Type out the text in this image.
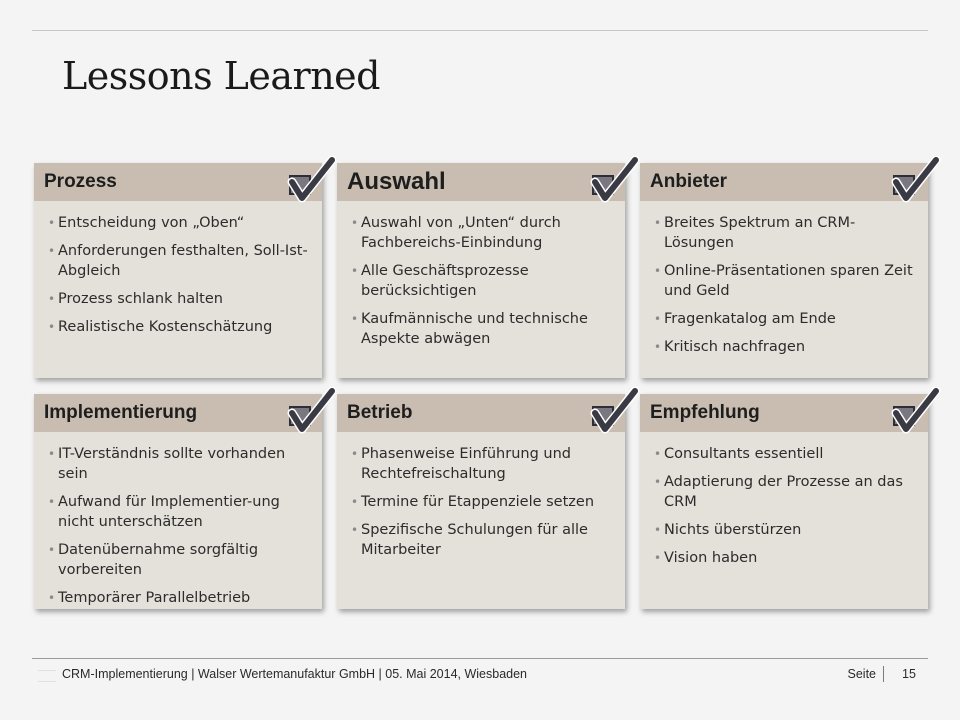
Lessons Learned
Prozess
• Entscheidung von „Oben“
• Anforderungen festhalten, Soll-Ist-Abgleich
• Prozess schlank halten
• Realistische Kostenschätzung
Auswahl
• Auswahl von „Unten“ durch Fachbereichs-Einbindung
• Alle Geschäftsprozesse berücksichtigen
• Kaufmännische und technische Aspekte abwägen
Anbieter
• Breites Spektrum an CRM-Lösungen
• Online-Präsentationen sparen Zeit und Geld
• Fragenkatalog am Ende
• Kritisch nachfragen
Implementierung
• IT-Verständnis sollte vorhanden sein
• Aufwand für Implementier-ung nicht unterschätzen
• Datenübernahme sorgfältig vorbereiten
• Temporärer Parallelbetrieb
Betrieb
• Phasenweise Einführung und Rechtefreischaltung
• Termine für Etappenziele setzen
• Spezifische Schulungen für alle Mitarbeiter
Empfehlung
• Consultants essentiell
• Adaptierung der Prozesse an das CRM
• Nichts überstürzen
• Vision haben
CRM-Implementierung | Walser Wertemanufaktur GmbH | 05. Mai 2014, Wiesbaden	Seite 15
